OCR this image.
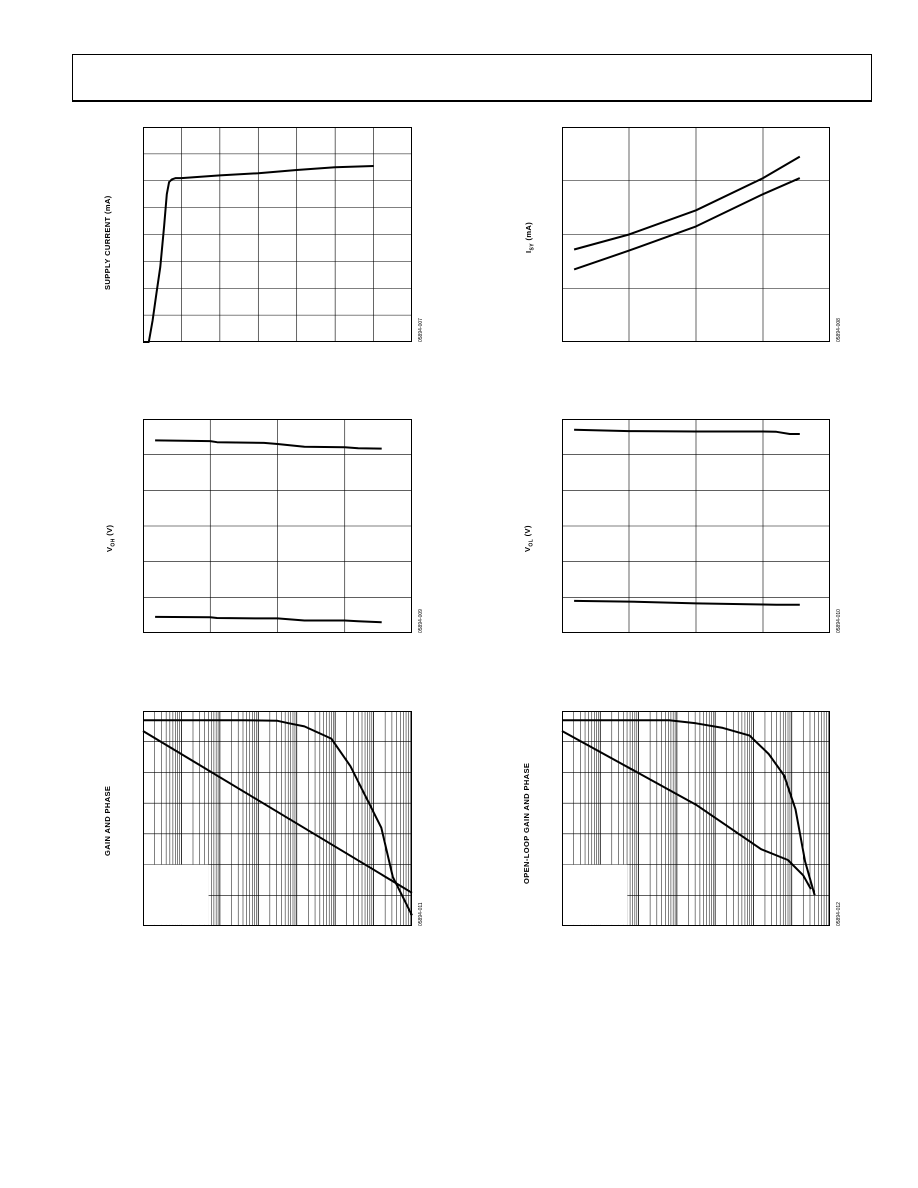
SUPPLY CURRENT (mA)
05894-007
$I_{SY}$ (mA)
05894-008
$V_{OH}$ (V)
05894-009
$V_{OL}$ (V)
05894-010
GAIN AND PHASE
05894-011
OPEN-LOOP GAIN AND PHASE
05894-012
